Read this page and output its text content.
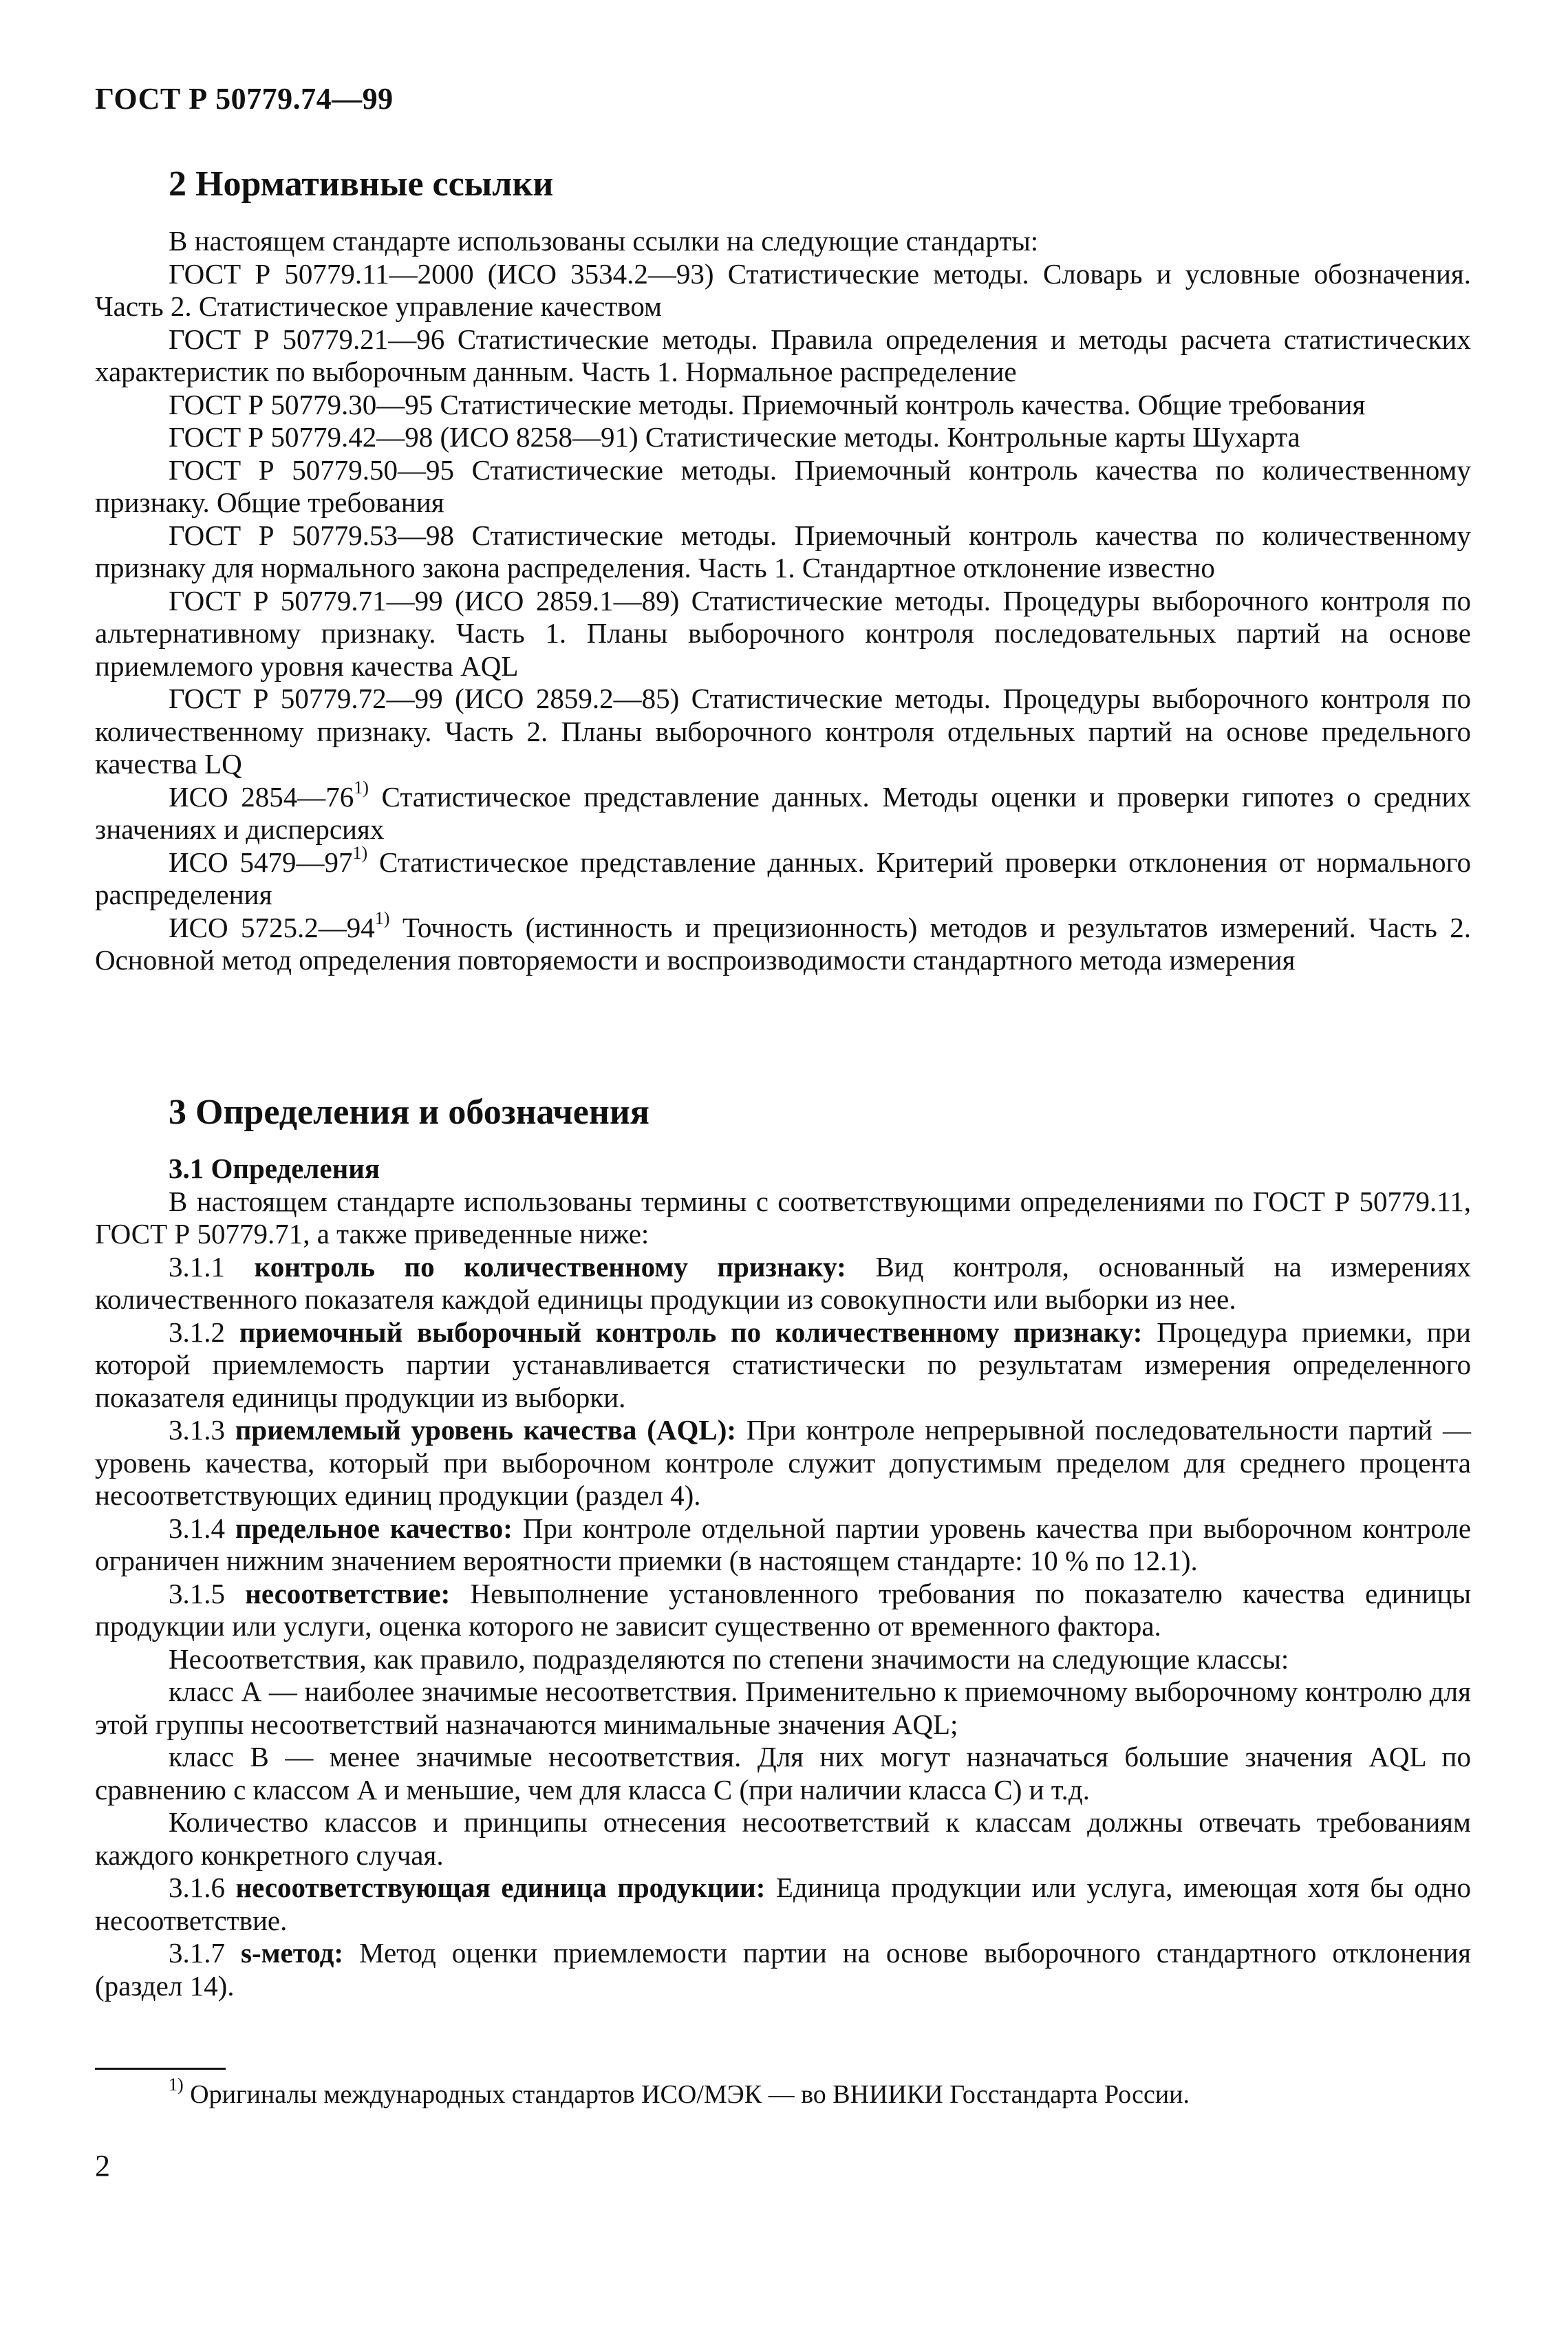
ГОСТ Р 50779.74—99
2 Нормативные ссылки

В настоящем стандарте использованы ссылки на следующие стандарты:

ГОСТ Р 50779.11—2000 (ИСО 3534.2—93) Статистические методы. Словарь и условные обозначения. Часть 2. Статистическое управление качеством

ГОСТ Р 50779.21—96 Статистические методы. Правила определения и методы расчета статистических характеристик по выборочным данным. Часть 1. Нормальное распределение

ГОСТ Р 50779.30—95 Статистические методы. Приемочный контроль качества. Общие требования

ГОСТ Р 50779.42—98 (ИСО 8258—91) Статистические методы. Контрольные карты Шухарта

ГОСТ Р 50779.50—95 Статистические методы. Приемочный контроль качества по количественному признаку. Общие требования

ГОСТ Р 50779.53—98 Статистические методы. Приемочный контроль качества по количественному признаку для нормального закона распределения. Часть 1. Стандартное отклонение известно

ГОСТ Р 50779.71—99 (ИСО 2859.1—89) Статистические методы. Процедуры выборочного контроля по альтернативному признаку. Часть 1. Планы выборочного контроля последовательных партий на основе приемлемого уровня качества AQL

ГОСТ Р 50779.72—99 (ИСО 2859.2—85) Статистические методы. Процедуры выборочного контроля по количественному признаку. Часть 2. Планы выборочного контроля отдельных партий на основе предельного качества LQ

ИСО 2854—76$^{1)}$ Статистическое представление данных. Методы оценки и проверки гипотез о средних значениях и дисперсиях

ИСО 5479—97$^{1)}$ Статистическое представление данных. Критерий проверки отклонения от нормального распределения

ИСО 5725.2—94$^{1)}$ Точность (истинность и прецизионность) методов и результатов измерений. Часть 2. Основной метод определения повторяемости и воспроизводимости стандартного метода измерения

3 Определения и обозначения

3.1 Определения

В настоящем стандарте использованы термины с соответствующими определениями по ГОСТ Р 50779.11, ГОСТ Р 50779.71, а также приведенные ниже:

3.1.1 контроль по количественному признаку: Вид контроля, основанный на измерениях количественного показателя каждой единицы продукции из совокупности или выборки из нее.

3.1.2 приемочный выборочный контроль по количественному признаку: Процедура приемки, при которой приемлемость партии устанавливается статистически по результатам измерения определенного показателя единицы продукции из выборки.

3.1.3 приемлемый уровень качества (AQL): При контроле непрерывной последовательности партий — уровень качества, который при выборочном контроле служит допустимым пределом для среднего процента несоответствующих единиц продукции (раздел 4).

3.1.4 предельное качество: При контроле отдельной партии уровень качества при выборочном контроле ограничен нижним значением вероятности приемки (в настоящем стандарте: 10 % по 12.1).

3.1.5 несоответствие: Невыполнение установленного требования по показателю качества единицы продукции или услуги, оценка которого не зависит существенно от временного фактора.

Несоответствия, как правило, подразделяются по степени значимости на следующие классы:

класс А — наиболее значимые несоответствия. Применительно к приемочному выборочному контролю для этой группы несоответствий назначаются минимальные значения AQL;

класс В — менее значимые несоответствия. Для них могут назначаться большие значения AQL по сравнению с классом А и меньшие, чем для класса С (при наличии класса С) и т.д.

Количество классов и принципы отнесения несоответствий к классам должны отвечать требованиям каждого конкретного случая.

3.1.6 несоответствующая единица продукции: Единица продукции или услуга, имеющая хотя бы одно несоответствие.

3.1.7 s-метод: Метод оценки приемлемости партии на основе выборочного стандартного отклонения (раздел 14).

$^{1)}$ Оригиналы международных стандартов ИСО/МЭК — во ВНИИКИ Госстандарта России.
2
